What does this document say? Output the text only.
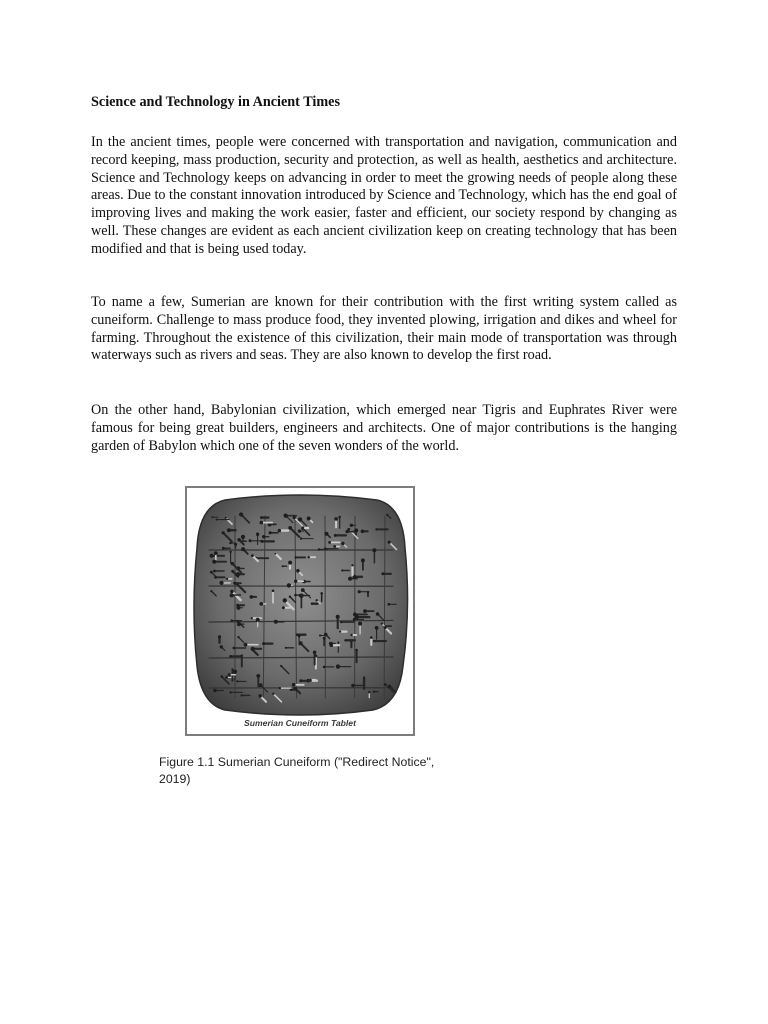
Science and Technology in Ancient Times

In the ancient times, people were concerned with transportation and navigation, communication and record keeping, mass production, security and protection, as well as health, aesthetics and architecture. Science and Technology keeps on advancing in order to meet the growing needs of people along these areas. Due to the constant innovation introduced by Science and Technology, which has the end goal of improving lives and making the work easier, faster and efficient, our society respond by changing as well. These changes are evident as each ancient civilization keep on creating technology that has been modified and that is being used today.

To name a few, Sumerian are known for their contribution with the first writing system called as cuneiform. Challenge to mass produce food, they invented plowing, irrigation and dikes and wheel for farming. Throughout the existence of this civilization, their main mode of transportation was through waterways such as rivers and seas. They are also known to develop the first road.

On the other hand, Babylonian civilization, which emerged near Tigris and Euphrates River were famous for being great builders, engineers and architects. One of major contributions is the hanging garden of Babylon which one of the seven wonders of the world.

Sumerian Cuneiform Tablet

Figure 1.1 Sumerian Cuneiform ("Redirect Notice",
2019)
